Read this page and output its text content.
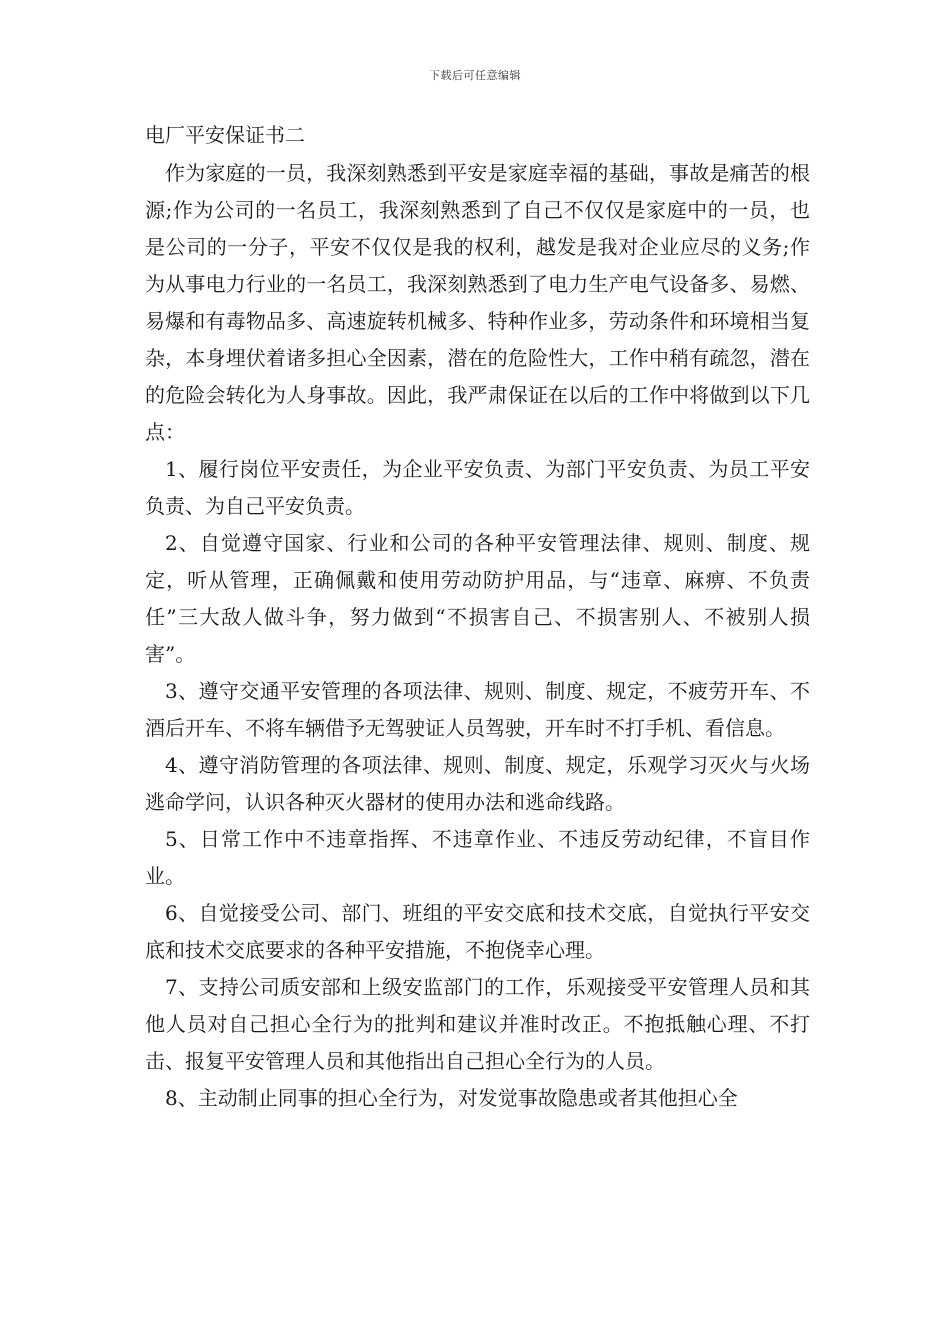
下载后可任意编辑
电厂平安保证书二

作为家庭的一员，我深刻熟悉到平安是家庭幸福的基础，事故是痛苦的根源;作为公司的一名员工，我深刻熟悉到了自己不仅仅是家庭中的一员，也是公司的一分子，平安不仅仅是我的权利，越发是我对企业应尽的义务;作为从事电力行业的一名员工，我深刻熟悉到了电力生产电气设备多、易燃、易爆和有毒物品多、高速旋转机械多、特种作业多，劳动条件和环境相当复杂，本身埋伏着诸多担心全因素，潜在的危险性大，工作中稍有疏忽，潜在的危险会转化为人身事故。因此，我严肃保证在以后的工作中将做到以下几点：

1、履行岗位平安责任，为企业平安负责、为部门平安负责、为员工平安负责、为自己平安负责。

2、自觉遵守国家、行业和公司的各种平安管理法律、规则、制度、规定，听从管理，正确佩戴和使用劳动防护用品，与“违章、麻痹、不负责任”三大敌人做斗争，努力做到“不损害自己、不损害别人、不被别人损害”。

3、遵守交通平安管理的各项法律、规则、制度、规定，不疲劳开车、不酒后开车、不将车辆借予无驾驶证人员驾驶，开车时不打手机、看信息。

4、遵守消防管理的各项法律、规则、制度、规定，乐观学习灭火与火场逃命学问，认识各种灭火器材的使用办法和逃命线路。

5、日常工作中不违章指挥、不违章作业、不违反劳动纪律，不盲目作业。

6、自觉接受公司、部门、班组的平安交底和技术交底，自觉执行平安交底和技术交底要求的各种平安措施，不抱侥幸心理。

7、支持公司质安部和上级安监部门的工作，乐观接受平安管理人员和其他人员对自己担心全行为的批判和建议并准时改正。不抱抵触心理、不打击、报复平安管理人员和其他指出自己担心全行为的人员。

8、主动制止同事的担心全行为，对发觉事故隐患或者其他担心全
